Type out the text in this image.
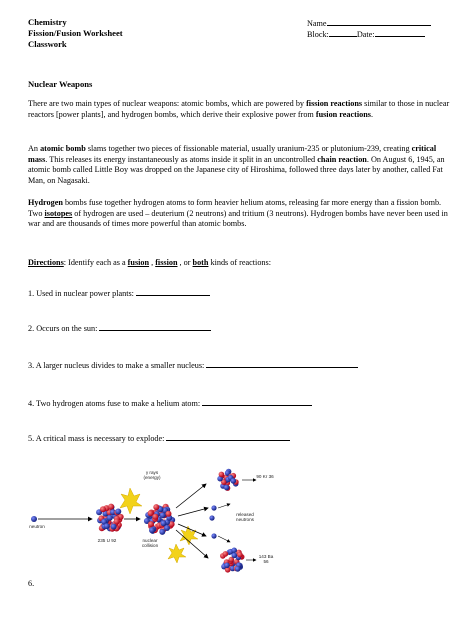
Chemistry
Fission/Fusion Worksheet
Classwork
Name
Block:	Date:
Nuclear Weapons

There are two main types of nuclear weapons: atomic bombs, which are powered by fission reactions similar to those in nuclear reactors [power plants], and hydrogen bombs, which derive their explosive power from fusion reactions.

An atomic bomb slams together two pieces of fissionable material, usually uranium-235 or plutonium-239, creating critical mass. This releases its energy instantaneously as atoms inside it split in an uncontrolled chain reaction. On August 6, 1945, an atomic bomb called Little Boy was dropped on the Japanese city of Hiroshima, followed three days later by another, called Fat Man, on Nagasaki.

Hydrogen bombs fuse together hydrogen atoms to form heavier helium atoms, releasing far more energy than a fission bomb. Two isotopes of hydrogen are used – deuterium (2 neutrons) and tritium (3 neutrons). Hydrogen bombs have never been used in war and are thousands of times more powerful than atomic bombs.

Directions: Identify each as a fusion , fission , or both kinds of reactions:
1. Used in nuclear power plants:
2. Occurs on the sun:
3. A larger nucleus divides to make a smaller nucleus:
4. Two hydrogen atoms fuse to make a helium atom:
5. A critical mass is necessary to explode:
6.
neutron
235 U 92
γ rays (energy)
nuclear collision
released neutrons
90 Kr 36
143 Ba 56
